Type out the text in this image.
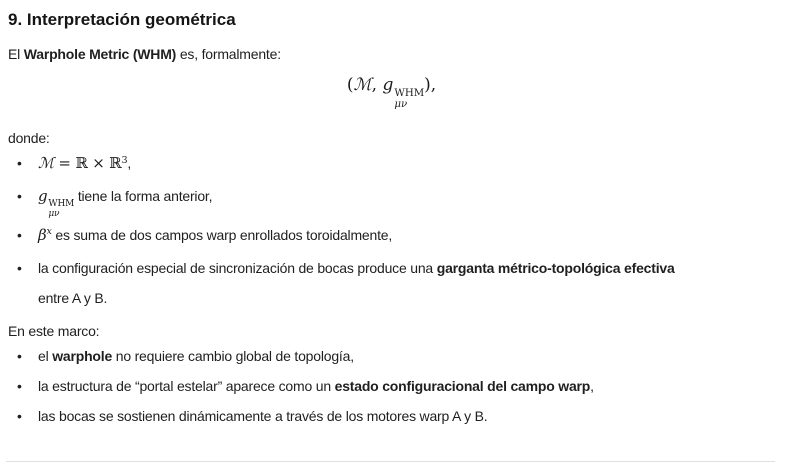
9. Interpretación geométrica

El Warphole Metric (WHM) es, formalmente:

(ℳ, g WHM
μν
),

donde:

• ℳ = ℝ × ℝ$^3$,
• g WHM
μν
tiene la forma anterior,
• $\beta^x$ es suma de dos campos warp enrollados toroidalmente,
• la configuración especial de sincronización de bocas produce una garganta métrico-topológica efectiva
entre A y B.

En este marco:

• el warphole no requiere cambio global de topología,
• la estructura de “portal estelar” aparece como un estado configuracional del campo warp,
• las bocas se sostienen dinámicamente a través de los motores warp A y B.
